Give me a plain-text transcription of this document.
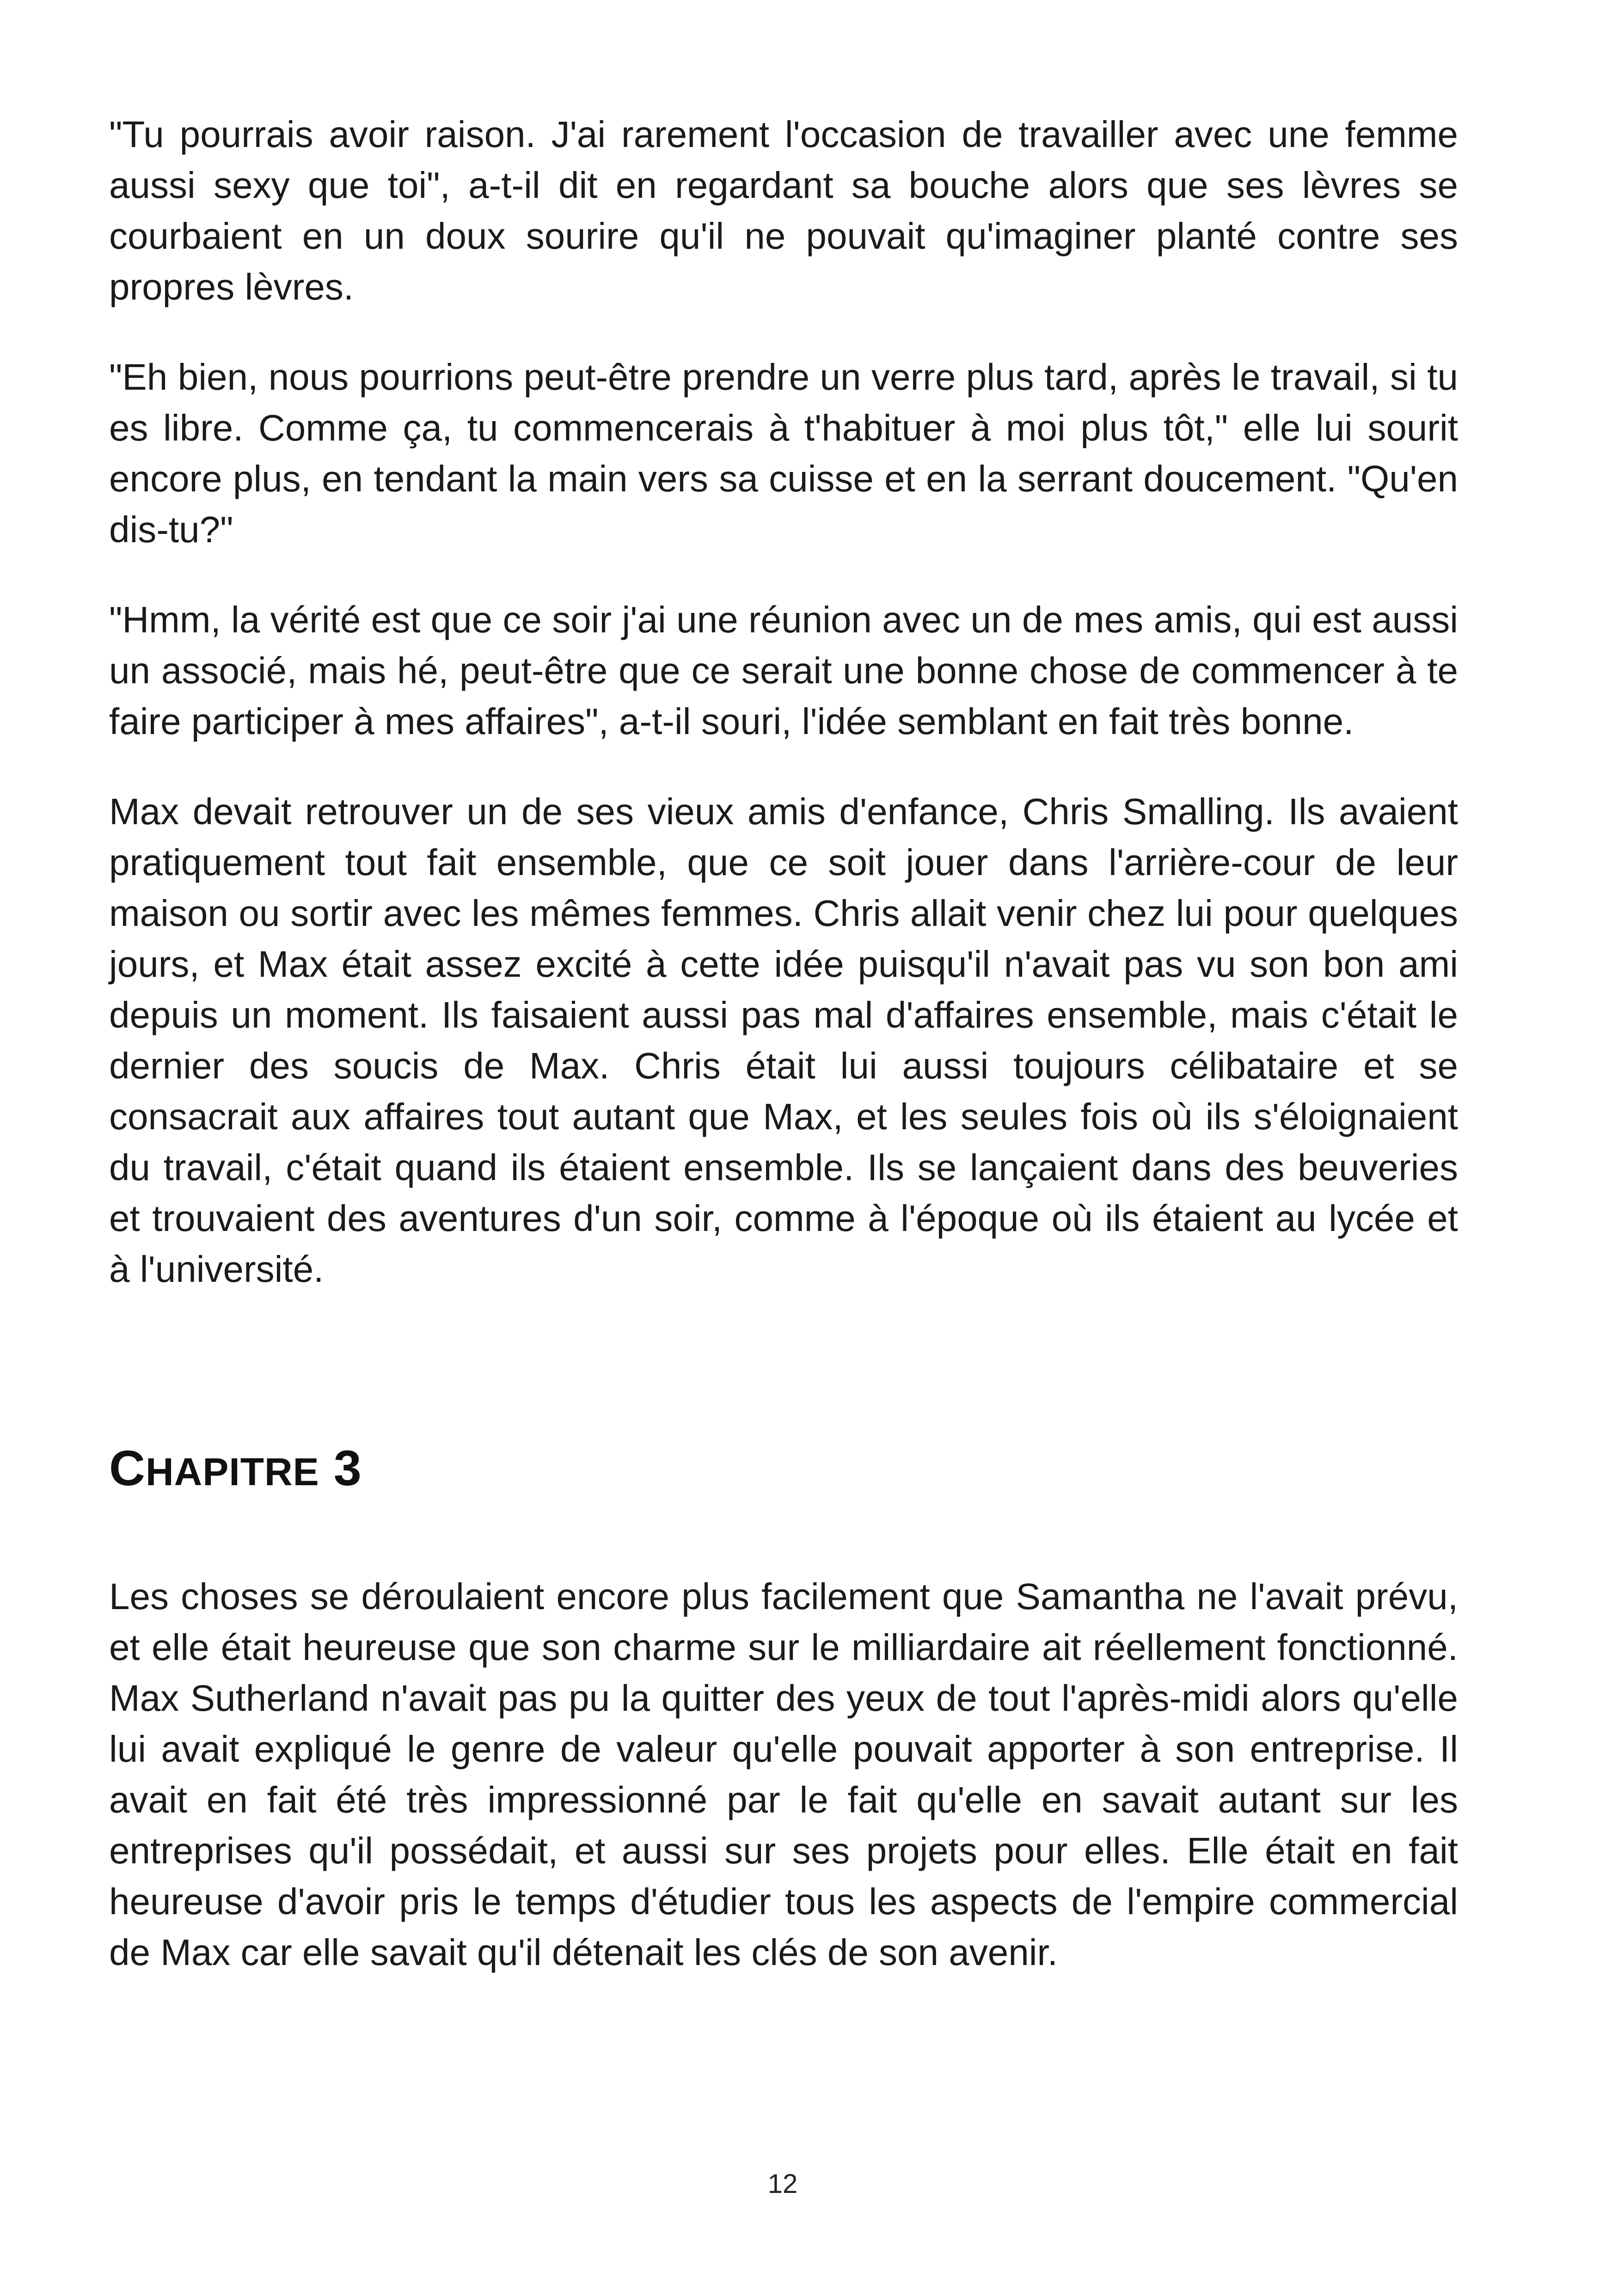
"Tu pourrais avoir raison. J'ai rarement l'occasion de travailler avec une femme aussi sexy que toi", a-t-il dit en regardant sa bouche alors que ses lèvres se courbaient en un doux sourire qu'il ne pouvait qu'imaginer planté contre ses propres lèvres.

"Eh bien, nous pourrions peut-être prendre un verre plus tard, après le travail, si tu es libre. Comme ça, tu commencerais à t'habituer à moi plus tôt," elle lui sourit encore plus, en tendant la main vers sa cuisse et en la serrant doucement. "Qu'en dis-tu?"

"Hmm, la vérité est que ce soir j'ai une réunion avec un de mes amis, qui est aussi un associé, mais hé, peut-être que ce serait une bonne chose de commencer à te faire participer à mes affaires", a-t-il souri, l'idée semblant en fait très bonne.

Max devait retrouver un de ses vieux amis d'enfance, Chris Smalling. Ils avaient pratiquement tout fait ensemble, que ce soit jouer dans l'arrière-cour de leur maison ou sortir avec les mêmes femmes. Chris allait venir chez lui pour quelques jours, et Max était assez excité à cette idée puisqu'il n'avait pas vu son bon ami depuis un moment. Ils faisaient aussi pas mal d'affaires ensemble, mais c'était le dernier des soucis de Max. Chris était lui aussi toujours célibataire et se consacrait aux affaires tout autant que Max, et les seules fois où ils s'éloignaient du travail, c'était quand ils étaient ensemble. Ils se lançaient dans des beuveries et trouvaient des aventures d'un soir, comme à l'époque où ils étaient au lycée et à l'université.

CHAPITRE 3

Les choses se déroulaient encore plus facilement que Samantha ne l'avait prévu, et elle était heureuse que son charme sur le milliardaire ait réellement fonctionné. Max Sutherland n'avait pas pu la quitter des yeux de tout l'après-midi alors qu'elle lui avait expliqué le genre de valeur qu'elle pouvait apporter à son entreprise. Il avait en fait été très impressionné par le fait qu'elle en savait autant sur les entreprises qu'il possédait, et aussi sur ses projets pour elles. Elle était en fait heureuse d'avoir pris le temps d'étudier tous les aspects de l'empire commercial de Max car elle savait qu'il détenait les clés de son avenir.

12
